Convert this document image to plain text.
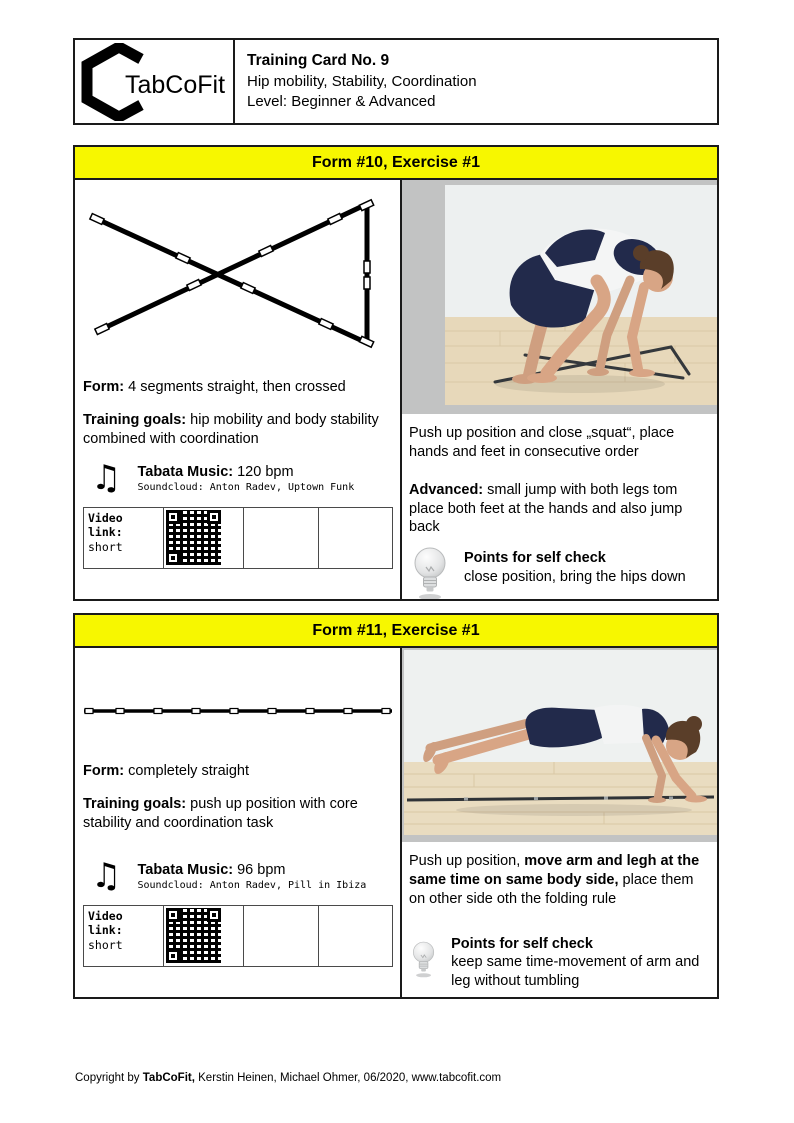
TabCoFit
Training Card No. 9
Hip mobility, Stability, Coordination
Level: Beginner & Advanced
Form #10, Exercise #1
Form: 4 segments straight, then crossed
Training goals: hip mobility and body stability combined with coordination
♫ Tabata Music: 120 bpm
Soundcloud: Anton Radev, Uptown Funk
Video link:
short
Push up position and close „squat“, place hands and feet in consecutive order
Advanced: small jump with both legs tom place both feet at the hands and also jump back
Points for self check
close position, bring the hips down
Form #11, Exercise #1
Form: completely straight
Training goals: push up position with core stability and coordination task
♫ Tabata Music: 96 bpm
Soundcloud: Anton Radev, Pill in Ibiza
Video link:
short
Push up position, move arm and legh at the same time on same body side, place them on other side oth the folding rule
Points for self check
keep same time-movement of arm and leg without tumbling
Copyright by TabCoFit, Kerstin Heinen, Michael Ohmer, 06/2020, www.tabcofit.com
